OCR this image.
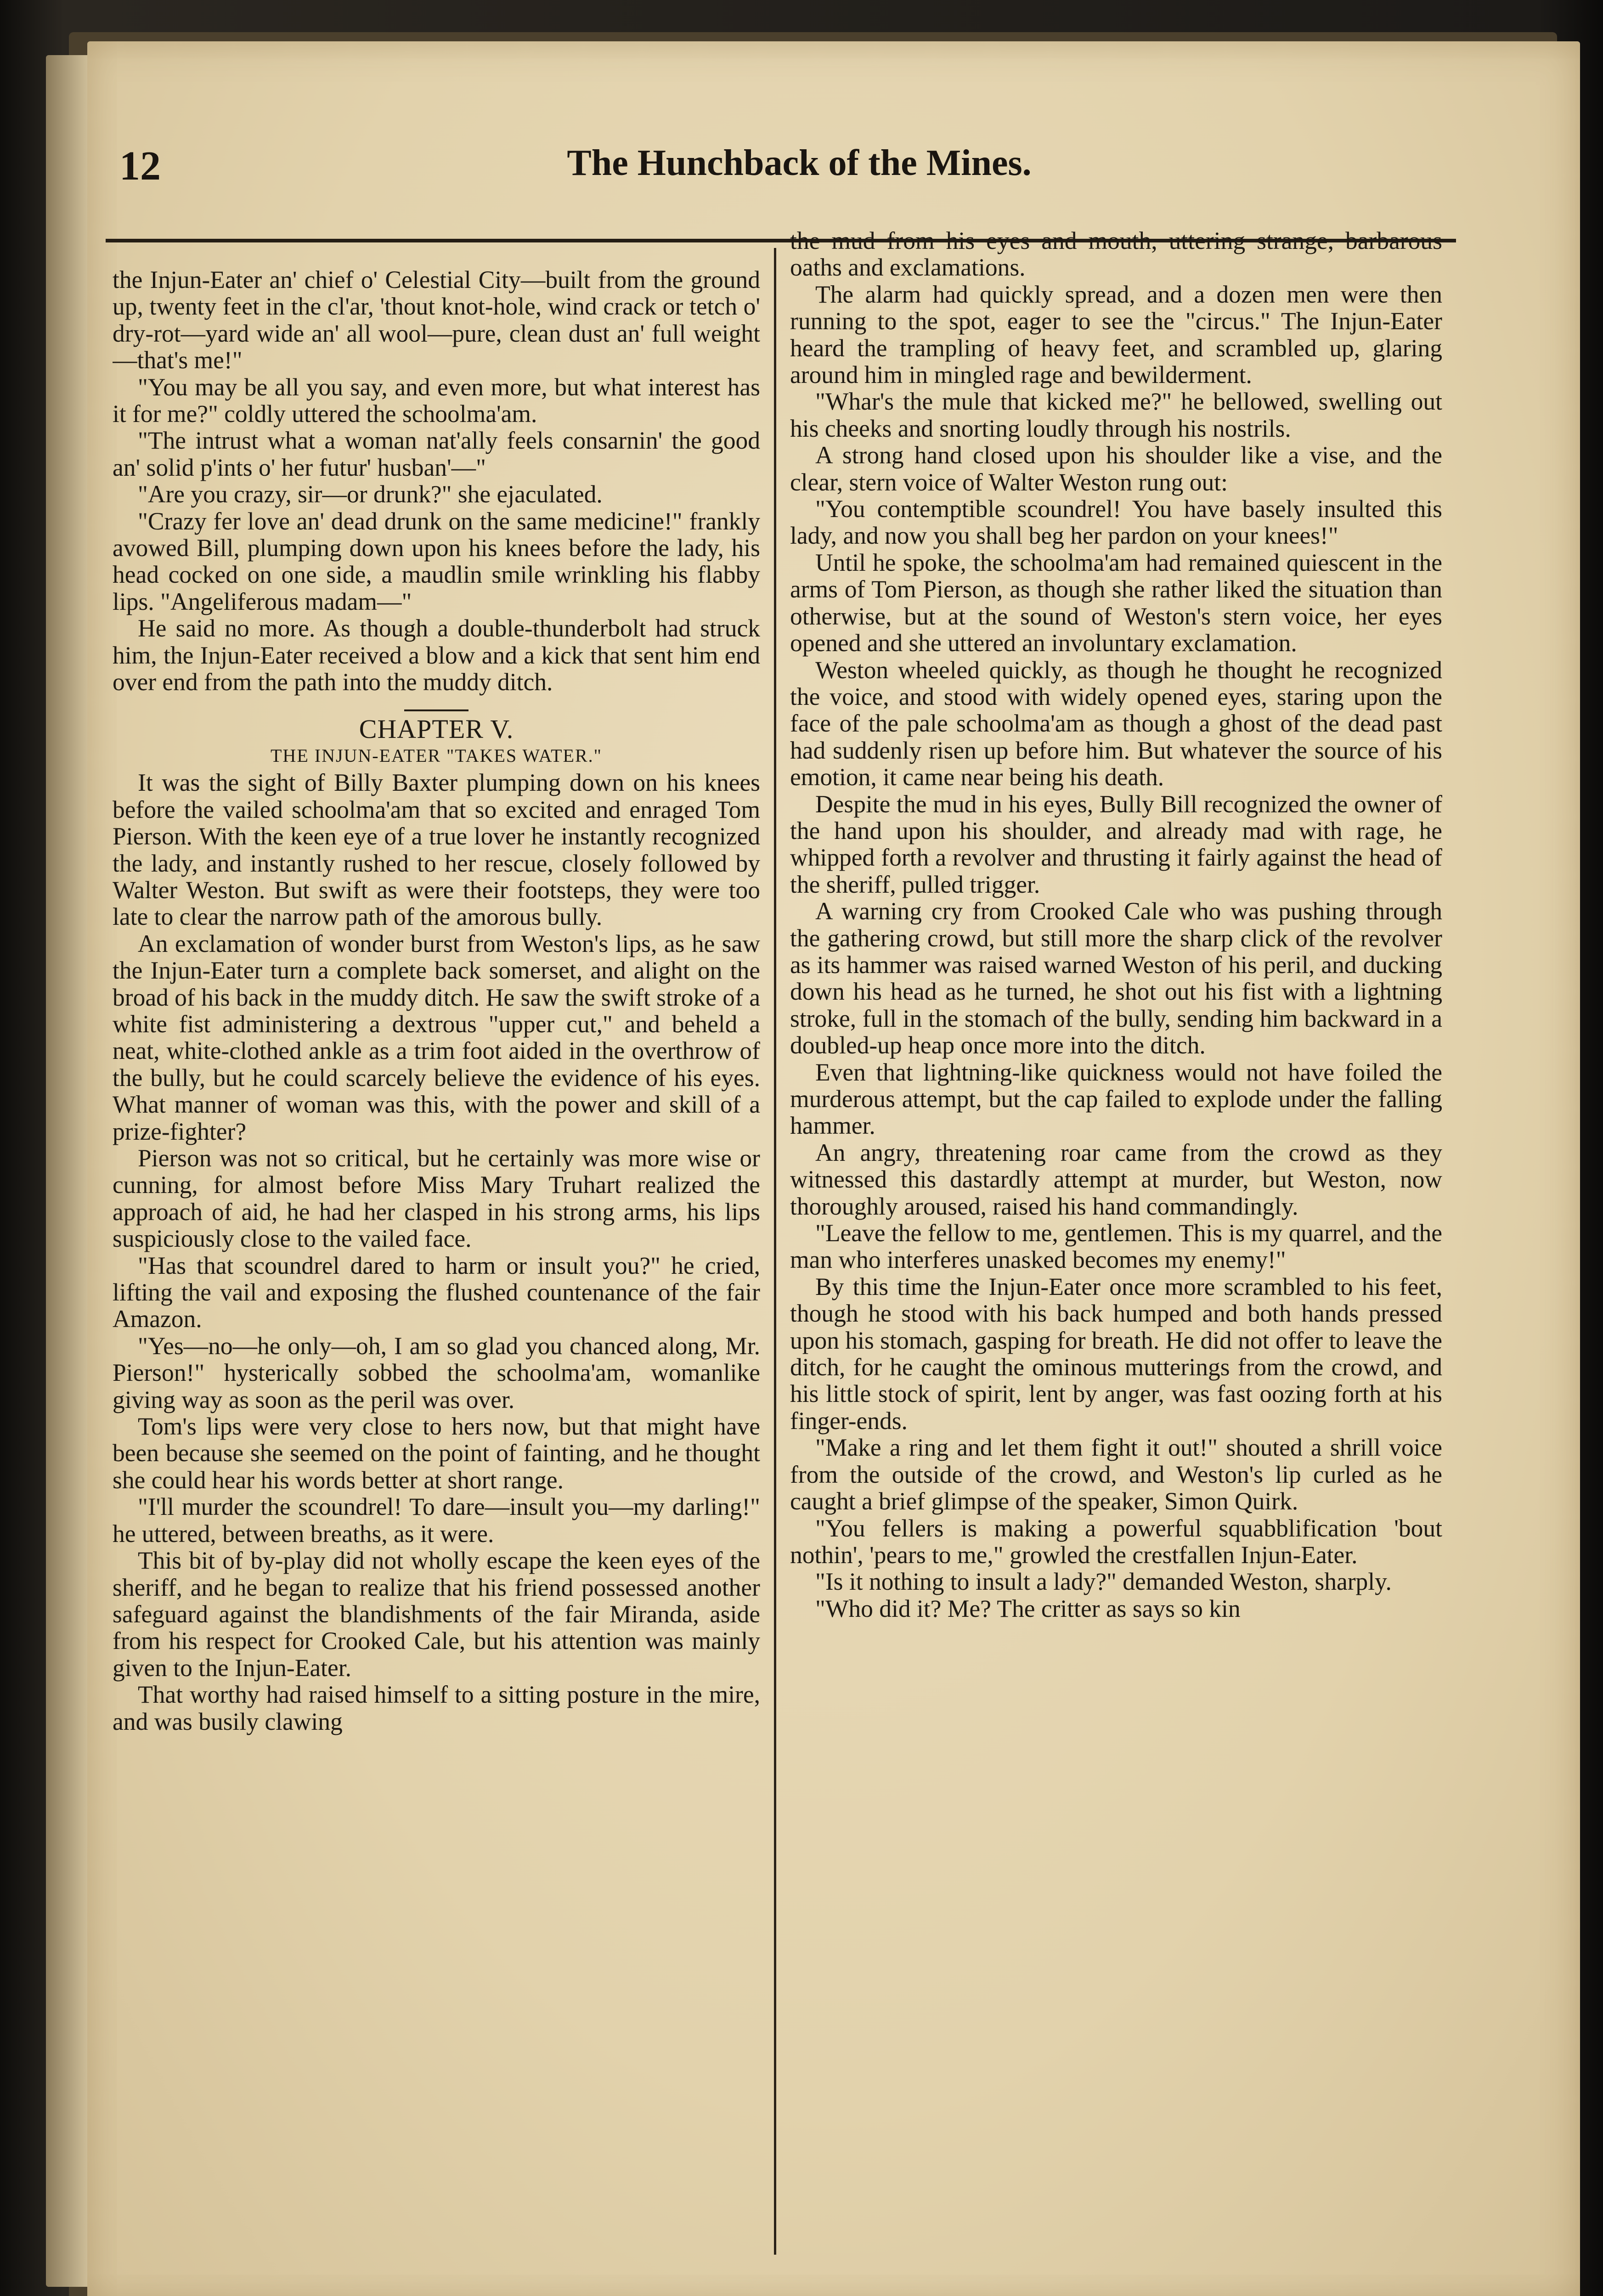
12	The Hunchback of the Mines.

the Injun-Eater an' chief o' Celestial City—built from the ground up, twenty feet in the cl'ar, 'thout knot-hole, wind crack or tetch o' dry-rot—yard wide an' all wool—pure, clean dust an' full weight—that's me!"

"You may be all you say, and even more, but what interest has it for me?" coldly uttered the schoolma'am.

"The intrust what a woman nat'ally feels consarnin' the good an' solid p'ints o' her futur' husban'—"

"Are you crazy, sir—or drunk?" she ejaculated.

"Crazy fer love an' dead drunk on the same medicine!" frankly avowed Bill, plumping down upon his knees before the lady, his head cocked on one side, a maudlin smile wrinkling his flabby lips. "Angeliferous madam—"

He said no more. As though a double-thunderbolt had struck him, the Injun-Eater received a blow and a kick that sent him end over end from the path into the muddy ditch.

CHAPTER V.
THE INJUN-EATER "TAKES WATER."

It was the sight of Billy Baxter plumping down on his knees before the vailed schoolma'am that so excited and enraged Tom Pierson. With the keen eye of a true lover he instantly recognized the lady, and instantly rushed to her rescue, closely followed by Walter Weston. But swift as were their footsteps, they were too late to clear the narrow path of the amorous bully.

An exclamation of wonder burst from Weston's lips, as he saw the Injun-Eater turn a complete back somerset, and alight on the broad of his back in the muddy ditch. He saw the swift stroke of a white fist administering a dextrous "upper cut," and beheld a neat, white-clothed ankle as a trim foot aided in the overthrow of the bully, but he could scarcely believe the evidence of his eyes. What manner of woman was this, with the power and skill of a prize-fighter?

Pierson was not so critical, but he certainly was more wise or cunning, for almost before Miss Mary Truhart realized the approach of aid, he had her clasped in his strong arms, his lips suspiciously close to the vailed face.

"Has that scoundrel dared to harm or insult you?" he cried, lifting the vail and exposing the flushed countenance of the fair Amazon.

"Yes—no—he only—oh, I am so glad you chanced along, Mr. Pierson!" hysterically sobbed the schoolma'am, womanlike giving way as soon as the peril was over.

Tom's lips were very close to hers now, but that might have been because she seemed on the point of fainting, and he thought she could hear his words better at short range.

"I'll murder the scoundrel! To dare—insult you—my darling!" he uttered, between breaths, as it were.

This bit of by-play did not wholly escape the keen eyes of the sheriff, and he began to realize that his friend possessed another safeguard against the blandishments of the fair Miranda, aside from his respect for Crooked Cale, but his attention was mainly given to the Injun-Eater.

That worthy had raised himself to a sitting posture in the mire, and was busily clawing

the mud from his eyes and mouth, uttering strange, barbarous oaths and exclamations.

The alarm had quickly spread, and a dozen men were then running to the spot, eager to see the "circus." The Injun-Eater heard the trampling of heavy feet, and scrambled up, glaring around him in mingled rage and bewilderment.

"Whar's the mule that kicked me?" he bellowed, swelling out his cheeks and snorting loudly through his nostrils.

A strong hand closed upon his shoulder like a vise, and the clear, stern voice of Walter Weston rung out:

"You contemptible scoundrel! You have basely insulted this lady, and now you shall beg her pardon on your knees!"

Until he spoke, the schoolma'am had remained quiescent in the arms of Tom Pierson, as though she rather liked the situation than otherwise, but at the sound of Weston's stern voice, her eyes opened and she uttered an involuntary exclamation.

Weston wheeled quickly, as though he thought he recognized the voice, and stood with widely opened eyes, staring upon the face of the pale schoolma'am as though a ghost of the dead past had suddenly risen up before him. But whatever the source of his emotion, it came near being his death.

Despite the mud in his eyes, Bully Bill recognized the owner of the hand upon his shoulder, and already mad with rage, he whipped forth a revolver and thrusting it fairly against the head of the sheriff, pulled trigger.

A warning cry from Crooked Cale who was pushing through the gathering crowd, but still more the sharp click of the revolver as its hammer was raised warned Weston of his peril, and ducking down his head as he turned, he shot out his fist with a lightning stroke, full in the stomach of the bully, sending him backward in a doubled-up heap once more into the ditch.

Even that lightning-like quickness would not have foiled the murderous attempt, but the cap failed to explode under the falling hammer.

An angry, threatening roar came from the crowd as they witnessed this dastardly attempt at murder, but Weston, now thoroughly aroused, raised his hand commandingly.

"Leave the fellow to me, gentlemen. This is my quarrel, and the man who interferes unasked becomes my enemy!"

By this time the Injun-Eater once more scrambled to his feet, though he stood with his back humped and both hands pressed upon his stomach, gasping for breath. He did not offer to leave the ditch, for he caught the ominous mutterings from the crowd, and his little stock of spirit, lent by anger, was fast oozing forth at his finger-ends.

"Make a ring and let them fight it out!" shouted a shrill voice from the outside of the crowd, and Weston's lip curled as he caught a brief glimpse of the speaker, Simon Quirk.

"You fellers is making a powerful squabblification 'bout nothin', 'pears to me," growled the crestfallen Injun-Eater.

"Is it nothing to insult a lady?" demanded Weston, sharply.

"Who did it? Me? The critter as says so kin
